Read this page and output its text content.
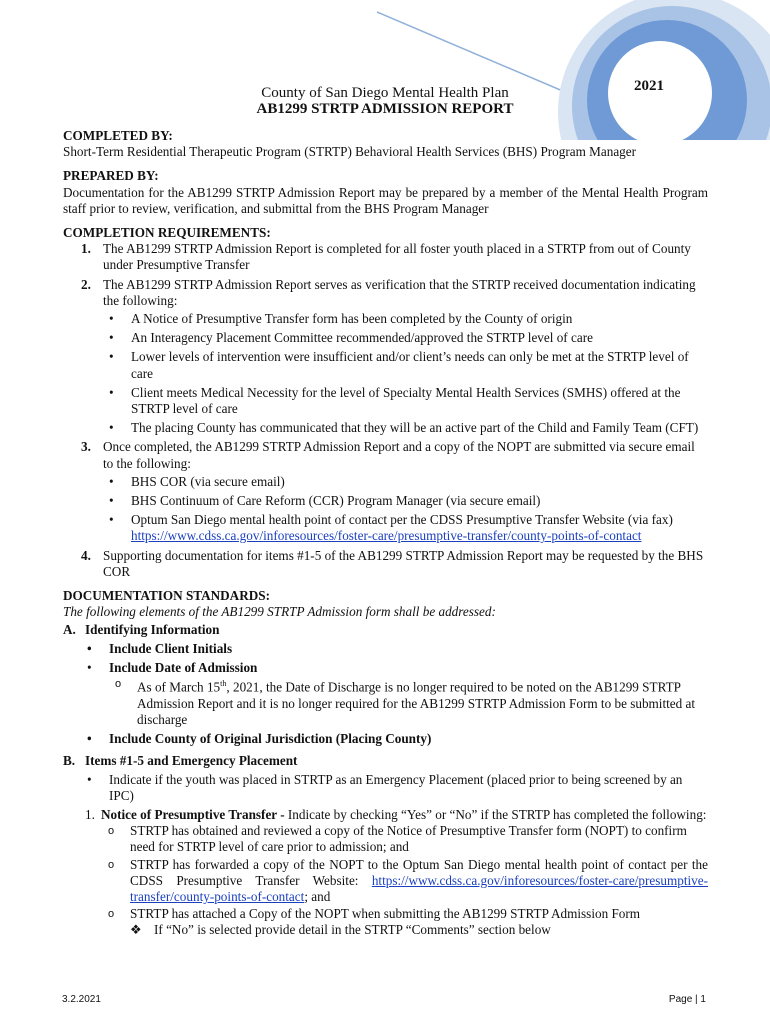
2021
County of San Diego Mental Health Plan
AB1299 STRTP ADMISSION REPORT
COMPLETED BY:

Short-Term Residential Therapeutic Program (STRTP) Behavioral Health Services (BHS) Program Manager

PREPARED BY:

Documentation for the AB1299 STRTP Admission Report may be prepared by a member of the Mental Health Program staff prior to review, verification, and submittal from the BHS Program Manager

COMPLETION REQUIREMENTS:
1. The AB1299 STRTP Admission Report is completed for all foster youth placed in a STRTP from out of County under Presumptive Transfer
2. The AB1299 STRTP Admission Report serves as verification that the STRTP received documentation indicating the following:
• A Notice of Presumptive Transfer form has been completed by the County of origin
• An Interagency Placement Committee recommended/approved the STRTP level of care
• Lower levels of intervention were insufficient and/or client’s needs can only be met at the STRTP level of care
• Client meets Medical Necessity for the level of Specialty Mental Health Services (SMHS) offered at the STRTP level of care
• The placing County has communicated that they will be an active part of the Child and Family Team (CFT)
3. Once completed, the AB1299 STRTP Admission Report and a copy of the NOPT are submitted via secure email to the following:
• BHS COR (via secure email)
• BHS Continuum of Care Reform (CCR) Program Manager (via secure email)
• Optum San Diego mental health point of contact per the CDSS Presumptive Transfer Website (via fax)
https://www.cdss.ca.gov/inforesources/foster-care/presumptive-transfer/county-points-of-contact
4. Supporting documentation for items #1-5 of the AB1299 STRTP Admission Report may be requested by the BHS COR
DOCUMENTATION STANDARDS:

The following elements of the AB1299 STRTP Admission form shall be addressed:

A. Identifying Information
• Include Client Initials
• Include Date of Admission
o As of March 15th, 2021, the Date of Discharge is no longer required to be noted on the AB1299 STRTP Admission Report and it is no longer required for the AB1299 STRTP Admission Form to be submitted at discharge
• Include County of Original Jurisdiction (Placing County)
B. Items #1-5 and Emergency Placement
• Indicate if the youth was placed in STRTP as an Emergency Placement (placed prior to being screened by an IPC)
1. Notice of Presumptive Transfer - Indicate by checking “Yes” or “No” if the STRTP has completed the following:
o STRTP has obtained and reviewed a copy of the Notice of Presumptive Transfer form (NOPT) to confirm need for STRTP level of care prior to admission; and
o STRTP has forwarded a copy of the NOPT to the Optum San Diego mental health point of contact per the CDSS Presumptive Transfer Website: https://www.cdss.ca.gov/inforesources/foster-care/presumptive-transfer/county-points-of-contact; and
o STRTP has attached a Copy of the NOPT when submitting the AB1299 STRTP Admission Form
❖ If “No” is selected provide detail in the STRTP “Comments” section below
3.2.2021	Page | 1
